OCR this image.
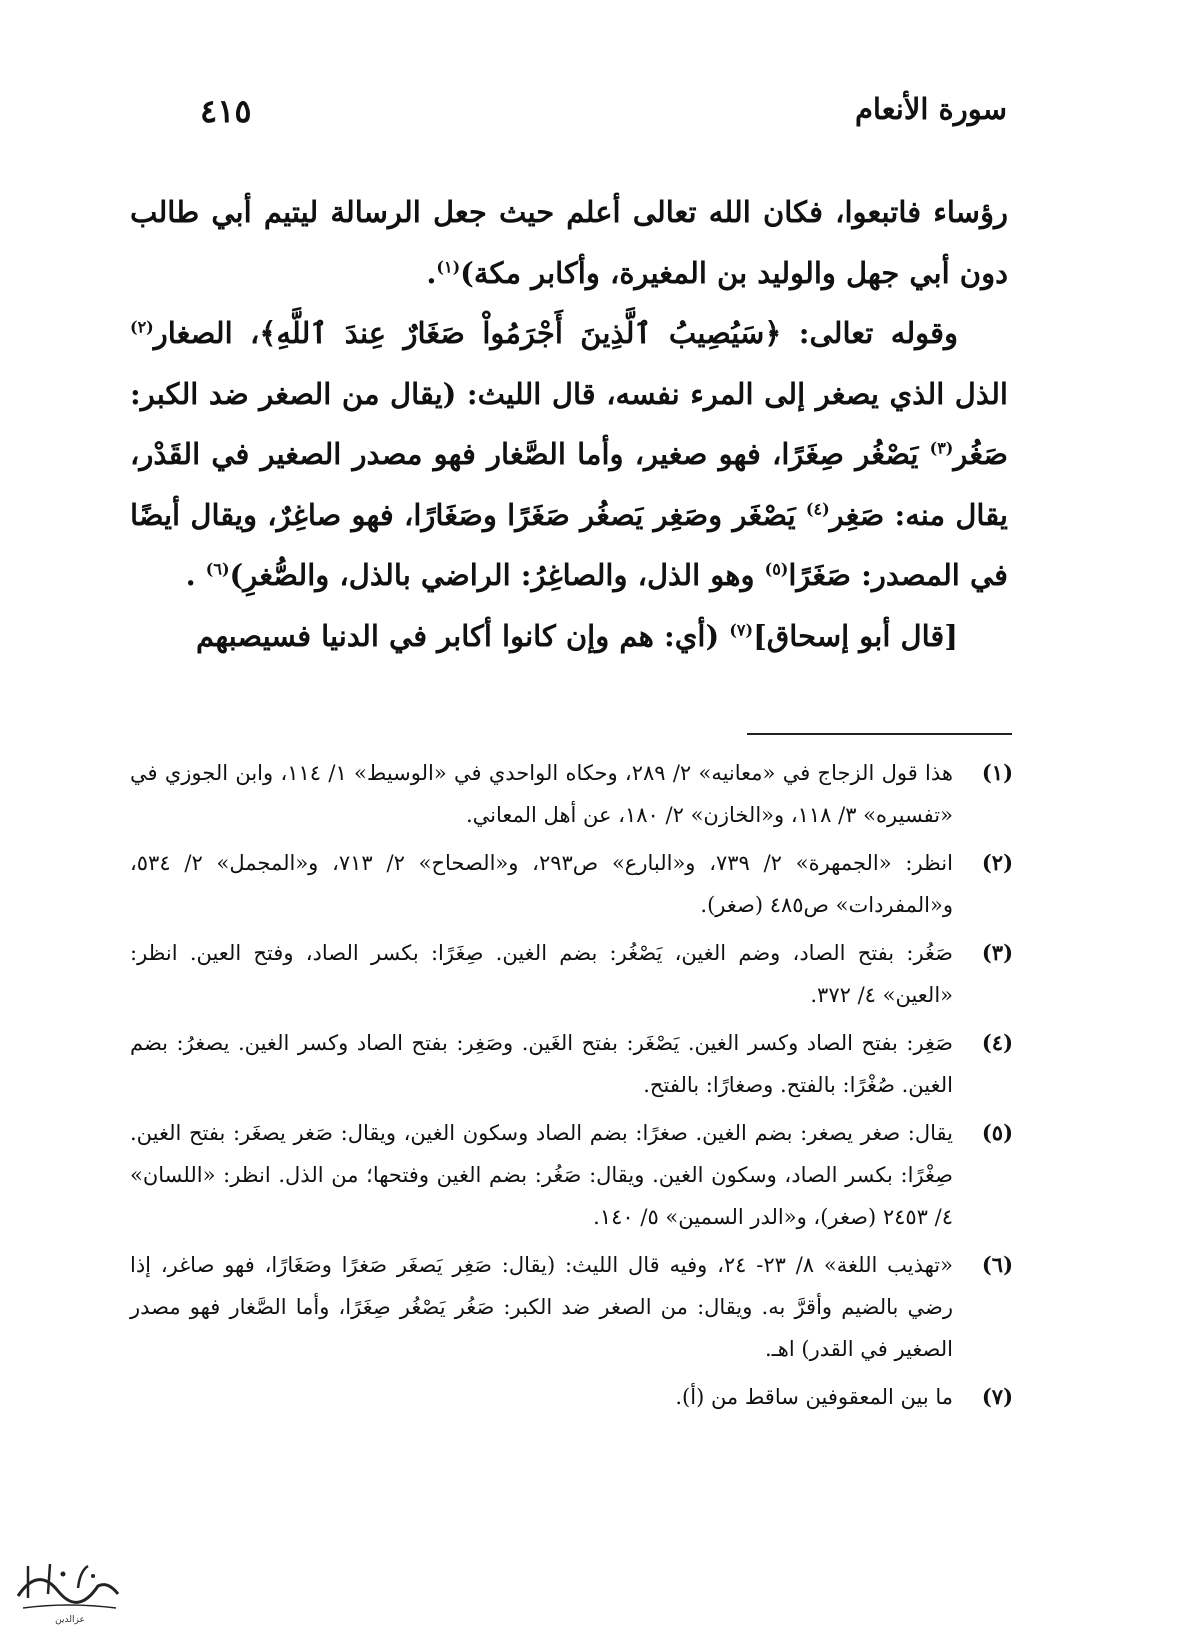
سورة الأنعام
٤١٥

رؤساء فاتبعوا، فكان الله تعالى أعلم حيث جعل الرسالة ليتيم أبي طالب دون أبي جهل والوليد بن المغيرة، وأكابر مكة)$^{(١)}$.

وقوله تعالى: ﴿سَيُصِيبُ ٱلَّذِينَ أَجْرَمُواْ صَغَارٌ عِندَ ٱللَّهِ﴾، الصغار$^{(٢)}$ الذل الذي يصغر إلى المرء نفسه، قال الليث: (يقال من الصغر ضد الكبر: صَغُر$^{(٣)}$ يَصْغُر صِغَرًا، فهو صغير، وأما الصَّغار فهو مصدر الصغير في القَدْر، يقال منه: صَغِر$^{(٤)}$ يَصْغَر وصَغِر يَصغُر صَغَرًا وصَغَارًا، فهو صاغِرٌ، ويقال أيضًا في المصدر: صَغَرًا$^{(٥)}$ وهو الذل، والصاغِرُ: الراضي بالذل، والصُّغرِ)$^{(٦)}$ .

[قال أبو إسحاق]$^{(٧)}$ (أي: هم وإن كانوا أكابر في الدنيا فسيصبهم

(١)
هذا قول الزجاج في «معانيه» ٢/ ٢٨٩، وحكاه الواحدي في «الوسيط» ١/ ١١٤، وابن الجوزي في «تفسيره» ٣/ ١١٨، و«الخازن» ٢/ ١٨٠، عن أهل المعاني.
(٢)
انظر: «الجمهرة» ٢/ ٧٣٩، و«البارع» ص٢٩٣، و«الصحاح» ٢/ ٧١٣، و«المجمل» ٢/ ٥٣٤، و«المفردات» ص٤٨٥ (صغر).
(٣)
صَغُر: بفتح الصاد، وضم الغين، يَصْغُر: بضم الغين. صِغَرًا: بكسر الصاد، وفتح العين. انظر: «العين» ٤/ ٣٧٢.
(٤)
صَغِر: بفتح الصاد وكسر الغين. يَصْغَر: بفتح الغَين. وصَغِر: بفتح الصاد وكسر الغين. يصغرُ: بضم الغين. صُغْرًا: بالفتح. وصغارًا: بالفتح.
(٥)
يقال: صغر يصغر: بضم الغين. صغرًا: بضم الصاد وسكون الغين، ويقال: صَغر يصغَر: بفتح الغين. صِغْرًا: بكسر الصاد، وسكون الغين. ويقال: صَغُر: بضم الغين وفتحها؛ من الذل. انظر: «اللسان» ٤/ ٢٤٥٣ (صغر)، و«الدر السمين» ٥/ ١٤٠.
(٦)
«تهذيب اللغة» ٨/ ٢٣- ٢٤، وفيه قال الليث: (يقال: صَغِر يَصغَر صَغرًا وصَغَارًا، فهو صاغر، إذا رضي بالضيم وأقرَّ به. ويقال: من الصغر ضد الكبر: صَغُر يَصْغُر صِغَرًا، وأما الصَّغار فهو مصدر الصغير في القدر) اهـ.
(٧)
ما بين المعقوفين ساقط من (أ).
عزالدين
